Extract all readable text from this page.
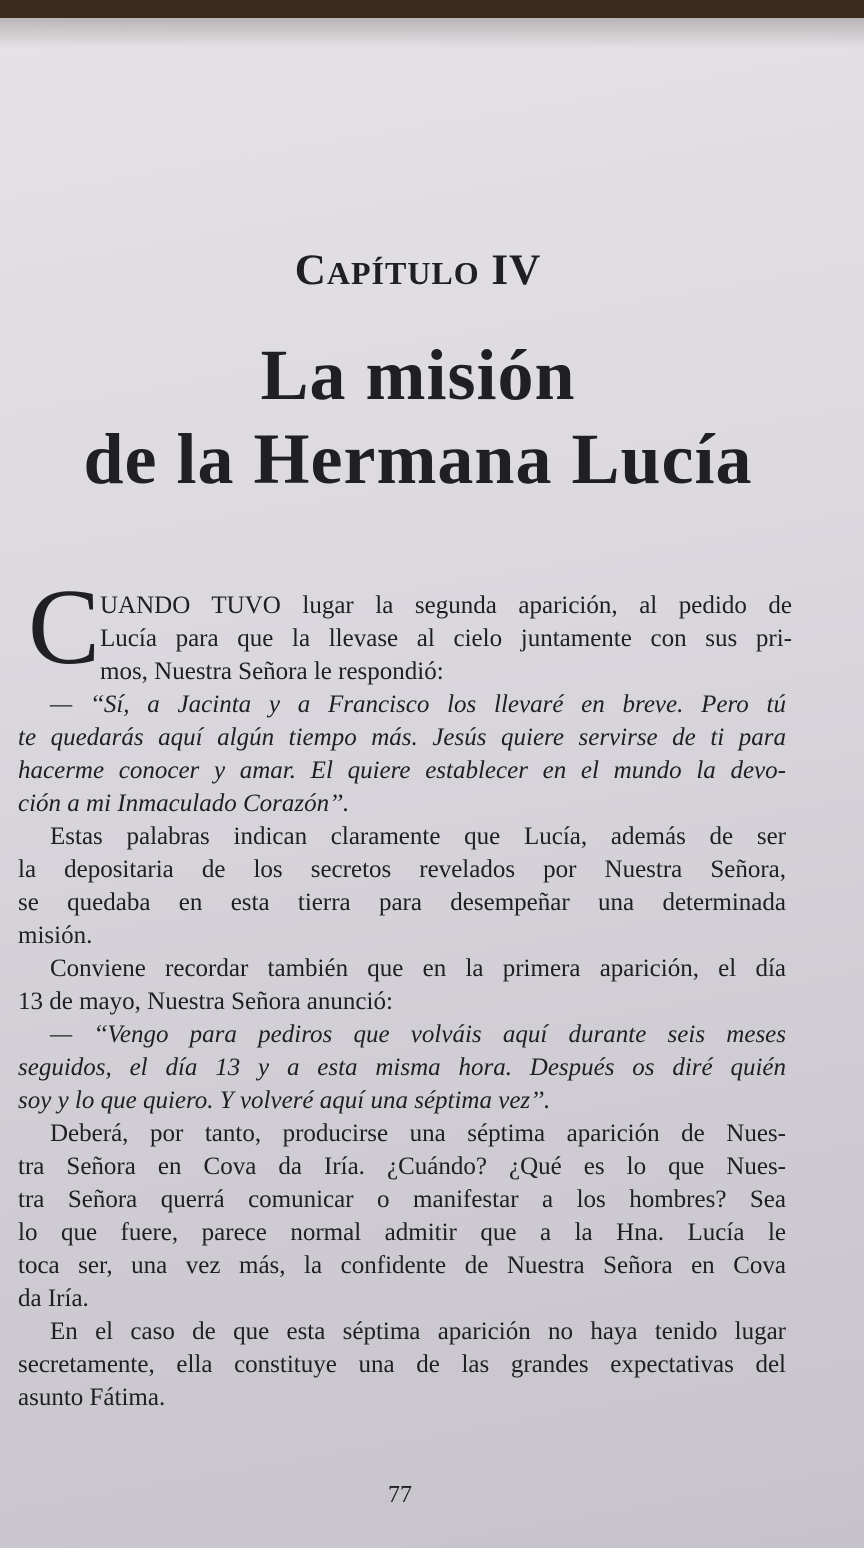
CAPÍTULO IV
La misión
de la Hermana Lucía
C UANDO TUVO lugar la segunda aparición, al pedido de
Lucía para que la llevase al cielo juntamente con sus pri-
mos, Nuestra Señora le respondió:
— ‘‘Sí, a Jacinta y a Francisco los llevaré en breve. Pero tú
te quedarás aquí algún tiempo más. Jesús quiere servirse de ti para
hacerme conocer y amar. El quiere establecer en el mundo la devo-
ción a mi Inmaculado Corazón’’.
Estas palabras indican claramente que Lucía, además de ser
la depositaria de los secretos revelados por Nuestra Señora,
se quedaba en esta tierra para desempeñar una determinada
misión.
Conviene recordar también que en la primera aparición, el día
13 de mayo, Nuestra Señora anunció:
— ‘‘Vengo para pediros que volváis aquí durante seis meses
seguidos, el día 13 y a esta misma hora. Después os diré quién
soy y lo que quiero. Y volveré aquí una séptima vez’’.
Deberá, por tanto, producirse una séptima aparición de Nues-
tra Señora en Cova da Iría. ¿Cuándo? ¿Qué es lo que Nues-
tra Señora querrá comunicar o manifestar a los hombres? Sea
lo que fuere, parece normal admitir que a la Hna. Lucía le
toca ser, una vez más, la confidente de Nuestra Señora en Cova
da Iría.
En el caso de que esta séptima aparición no haya tenido lugar
secretamente, ella constituye una de las grandes expectativas del
asunto Fátima.
77
